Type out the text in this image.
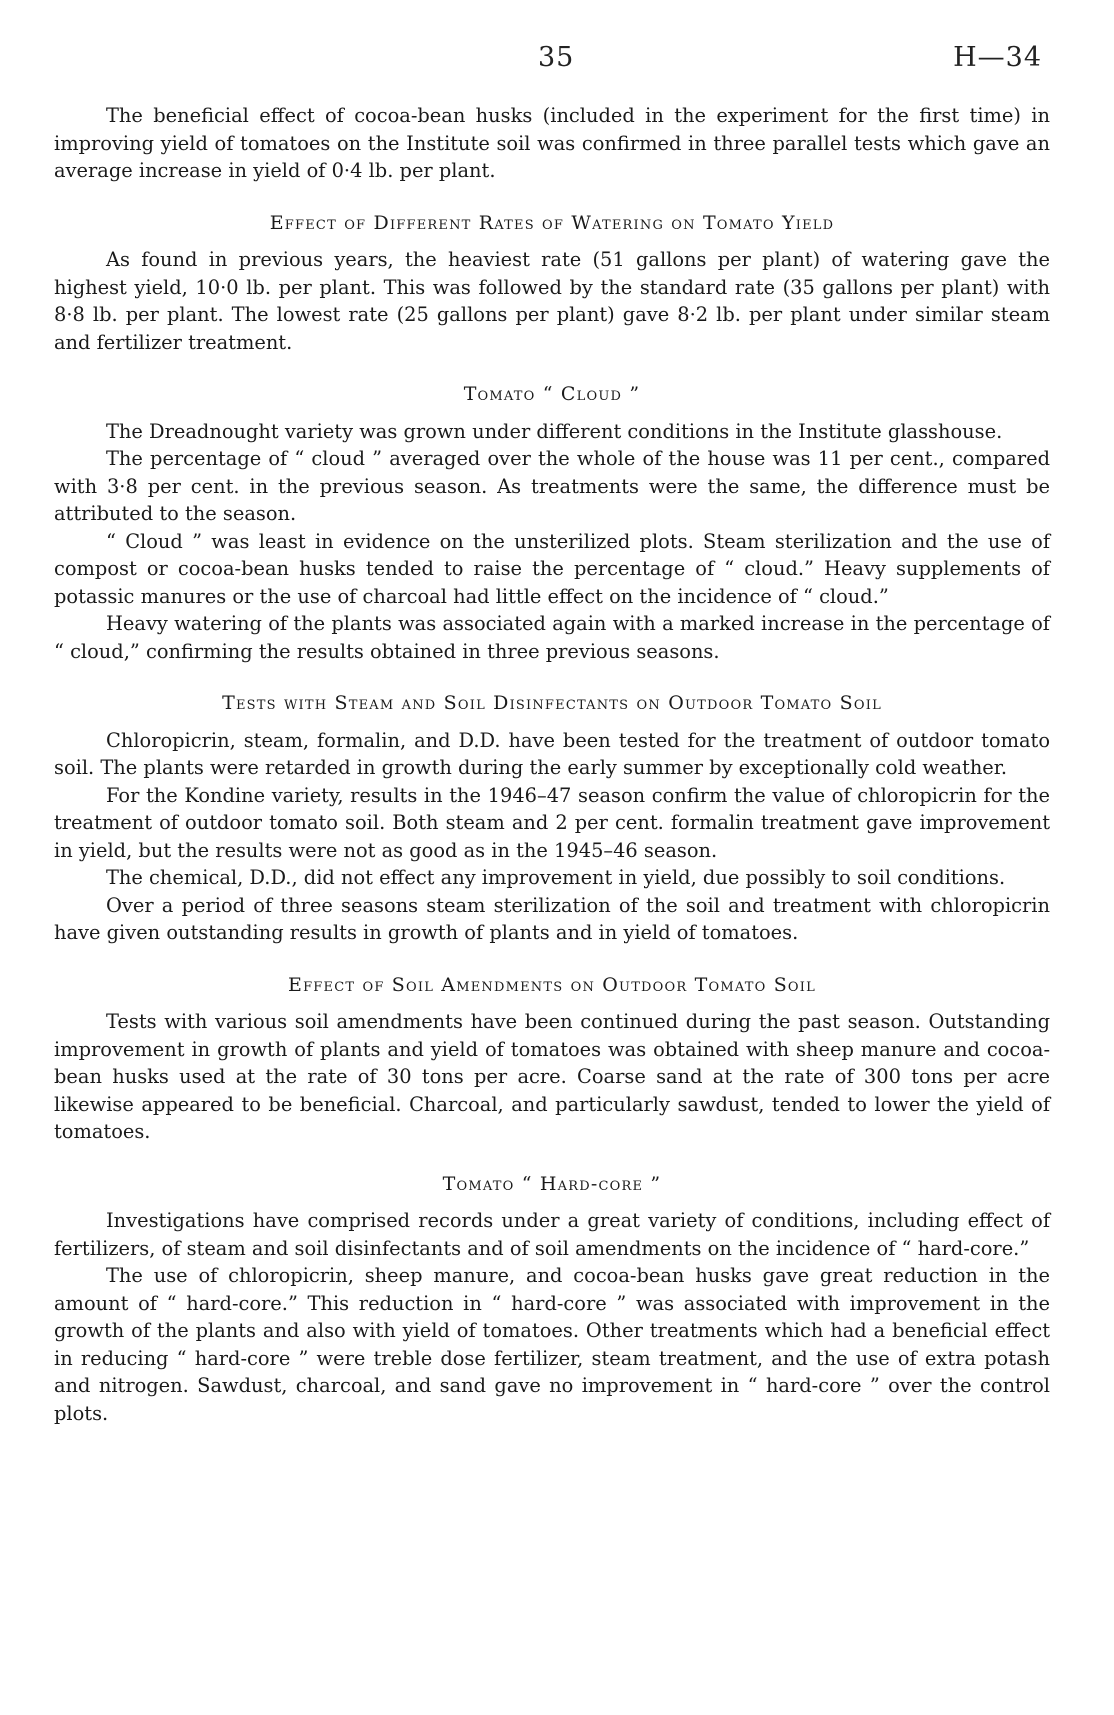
35	H—34

The beneficial effect of cocoa-bean husks (included in the experiment for the first time) in improving yield of tomatoes on the Institute soil was confirmed in three parallel tests which gave an average increase in yield of 0·4 lb. per plant.

Effect of Different Rates of Watering on Tomato Yield

As found in previous years, the heaviest rate (51 gallons per plant) of watering gave the highest yield, 10·0 lb. per plant. This was followed by the standard rate (35 gallons per plant) with 8·8 lb. per plant. The lowest rate (25 gallons per plant) gave 8·2 lb. per plant under similar steam and fertilizer treatment.

Tomato “ Cloud ”

The Dreadnought variety was grown under different conditions in the Institute glasshouse.

The percentage of “ cloud ” averaged over the whole of the house was 11 per cent., compared with 3·8 per cent. in the previous season. As treatments were the same, the difference must be attributed to the season.

“ Cloud ” was least in evidence on the unsterilized plots. Steam sterilization and the use of compost or cocoa-bean husks tended to raise the percentage of “ cloud.” Heavy supplements of potassic manures or the use of charcoal had little effect on the incidence of “ cloud.”

Heavy watering of the plants was associated again with a marked increase in the percentage of “ cloud,” confirming the results obtained in three previous seasons.

Tests with Steam and Soil Disinfectants on Outdoor Tomato Soil

Chloropicrin, steam, formalin, and D.D. have been tested for the treatment of outdoor tomato soil. The plants were retarded in growth during the early summer by exceptionally cold weather.

For the Kondine variety, results in the 1946–47 season confirm the value of chloropicrin for the treatment of outdoor tomato soil. Both steam and 2 per cent. formalin treatment gave improvement in yield, but the results were not as good as in the 1945–46 season.

The chemical, D.D., did not effect any improvement in yield, due possibly to soil conditions.

Over a period of three seasons steam sterilization of the soil and treatment with chloropicrin have given outstanding results in growth of plants and in yield of tomatoes.

Effect of Soil Amendments on Outdoor Tomato Soil

Tests with various soil amendments have been continued during the past season. Outstanding improvement in growth of plants and yield of tomatoes was obtained with sheep manure and cocoa-bean husks used at the rate of 30 tons per acre. Coarse sand at the rate of 300 tons per acre likewise appeared to be beneficial. Charcoal, and particularly sawdust, tended to lower the yield of tomatoes.

Tomato “ Hard-core ”

Investigations have comprised records under a great variety of conditions, including effect of fertilizers, of steam and soil disinfectants and of soil amendments on the incidence of “ hard-core.”

The use of chloropicrin, sheep manure, and cocoa-bean husks gave great reduction in the amount of “ hard-core.” This reduction in “ hard-core ” was associated with improvement in the growth of the plants and also with yield of tomatoes. Other treatments which had a beneficial effect in reducing “ hard-core ” were treble dose fertilizer, steam treatment, and the use of extra potash and nitrogen. Sawdust, charcoal, and sand gave no improvement in “ hard-core ” over the control plots.
